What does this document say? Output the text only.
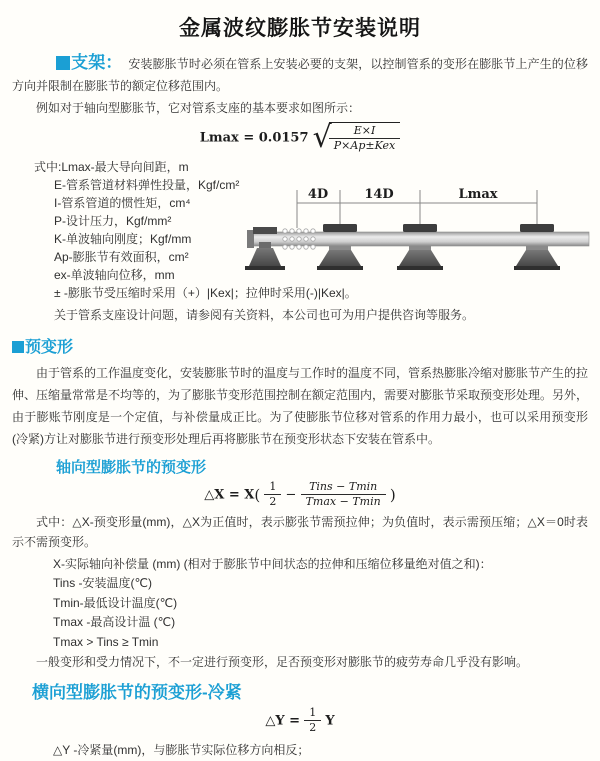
金属波纹膨胀节安装说明

支架： 安装膨胀节时必须在管系上安装必要的支架，以控制管系的变形在膨胀节上产生的位移方向并限制在膨胀节的额定位移范围内。

例如对于轴向型膨胀节，它对管系支座的基本要求如图所示：

Lmax = 0.0157 √
$\frac{E\times I}{\text{P×Ap±Kex}}$

式中:Lmax-最大导向间距，m

E-管系管道材料弹性投量，Kgf/cm²

I-管系管道的惯性矩，cm⁴

P-设计压力，Kgf/mm²

K-单波轴向刚度；Kgf/mm

Ap-膨胀节有效面积，cm²

ex-单波轴向位移，mm

± -膨胀节受压缩时采用（+）|Kex|；拉伸时采用(-)|Kex|。

关于管系支座设计问题，请参阅有关资料，本公司也可为用户提供咨询等服务。

4D	14D	Lmax
预变形

由于管系的工作温度变化，安装膨胀节时的温度与工作时的温度不同，管系热膨胀冷缩对膨胀节产生的拉伸、压缩量常常是不均等的，为了膨胀节变形范围控制在额定范围内，需要对膨胀节采取预变形处理。另外，由于膨账节刚度是一个定值，与补偿量成正比。为了使膨胀节位移对管系的作用力最小，也可以采用预变形(冷紧)方让对膨胀节进行预变形处理后再将膨胀节在预变形状态下安装在管系中。

轴向型膨胀节的预变形
△X = $X( \frac{1}{2} - \frac{\text{Tins − Tmin}}{Tmax - Tmin}$ )

式中：△X-预变形量(mm)，△X为正值时，表示膨张节需预拉伸；为负值时，表示需预压缩；△X＝0时表示不需预变形。

X-实际轴向补偿量 (mm) (相对于膨胀节中间状态的拉伸和压缩位移量绝对值之和)：

Tins -安装温度(℃)

Tmin-最低设计温度(℃)

Tmax -最高设计温 (℃)

Tmax > Tins ≥ Tmin

一般变形和受力情况下，不一定进行预变形，足否预变形对膨胀节的疲劳寿命几乎没有影响。

横向型膨胀节的预变形-冷紧
△Y = $\frac{1}{2}$ Y

△Y -冷紧量(mm)，与膨胀节实际位移方向相反；
